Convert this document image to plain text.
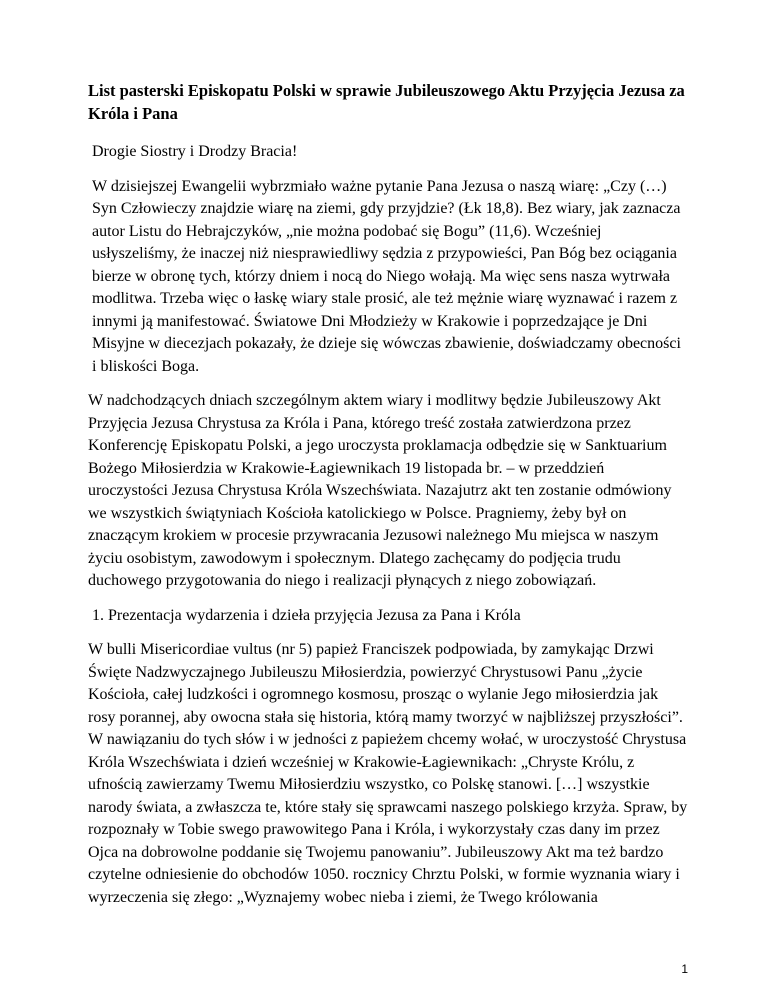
List pasterski Episkopatu Polski w sprawie Jubileuszowego Aktu Przyjęcia Jezusa za Króla i Pana

Drogie Siostry i Drodzy Bracia!

W dzisiejszej Ewangelii wybrzmiało ważne pytanie Pana Jezusa o naszą wiarę: „Czy (…) Syn Człowieczy znajdzie wiarę na ziemi, gdy przyjdzie? (Łk 18,8). Bez wiary, jak zaznacza autor Listu do Hebrajczyków, „nie można podobać się Bogu” (11,6). Wcześniej usłyszeliśmy, że inaczej niż niesprawiedliwy sędzia z przypowieści, Pan Bóg bez ociągania bierze w obronę tych, którzy dniem i nocą do Niego wołają. Ma więc sens nasza wytrwała modlitwa. Trzeba więc o łaskę wiary stale prosić, ale też mężnie wiarę wyznawać i razem z innymi ją manifestować. Światowe Dni Młodzieży w Krakowie i poprzedzające je Dni Misyjne w diecezjach pokazały, że dzieje się wówczas zbawienie, doświadczamy obecności i bliskości Boga.

W nadchodzących dniach szczególnym aktem wiary i modlitwy będzie Jubileuszowy Akt Przyjęcia Jezusa Chrystusa za Króla i Pana, którego treść została zatwierdzona przez Konferencję Episkopatu Polski, a jego uroczysta proklamacja odbędzie się w Sanktuarium Bożego Miłosierdzia w Krakowie-Łagiewnikach 19 listopada br. – w przeddzień uroczystości Jezusa Chrystusa Króla Wszechświata. Nazajutrz akt ten zostanie odmówiony we wszystkich świątyniach Kościoła katolickiego w Polsce. Pragniemy, żeby był on znaczącym krokiem w procesie przywracania Jezusowi należnego Mu miejsca w naszym życiu osobistym, zawodowym i społecznym. Dlatego zachęcamy do podjęcia trudu duchowego przygotowania do niego i realizacji płynących z niego zobowiązań.

1. Prezentacja wydarzenia i dzieła przyjęcia Jezusa za Pana i Króla

W bulli Misericordiae vultus (nr 5) papież Franciszek podpowiada, by zamykając Drzwi Święte Nadzwyczajnego Jubileuszu Miłosierdzia, powierzyć Chrystusowi Panu „życie Kościoła, całej ludzkości i ogromnego kosmosu, prosząc o wylanie Jego miłosierdzia jak rosy porannej, aby owocna stała się historia, którą mamy tworzyć w najbliższej przyszłości”. W nawiązaniu do tych słów i w jedności z papieżem chcemy wołać, w uroczystość Chrystusa Króla Wszechświata i dzień wcześniej w Krakowie-Łagiewnikach: „Chryste Królu, z ufnością zawierzamy Twemu Miłosierdziu wszystko, co Polskę stanowi. […] wszystkie narody świata, a zwłaszcza te, które stały się sprawcami naszego polskiego krzyża. Spraw, by rozpoznały w Tobie swego prawowitego Pana i Króla, i wykorzystały czas dany im przez Ojca na dobrowolne poddanie się Twojemu panowaniu”. Jubileuszowy Akt ma też bardzo czytelne odniesienie do obchodów 1050. rocznicy Chrztu Polski, w formie wyznania wiary i wyrzeczenia się złego: „Wyznajemy wobec nieba i ziemi, że Twego królowania

1
